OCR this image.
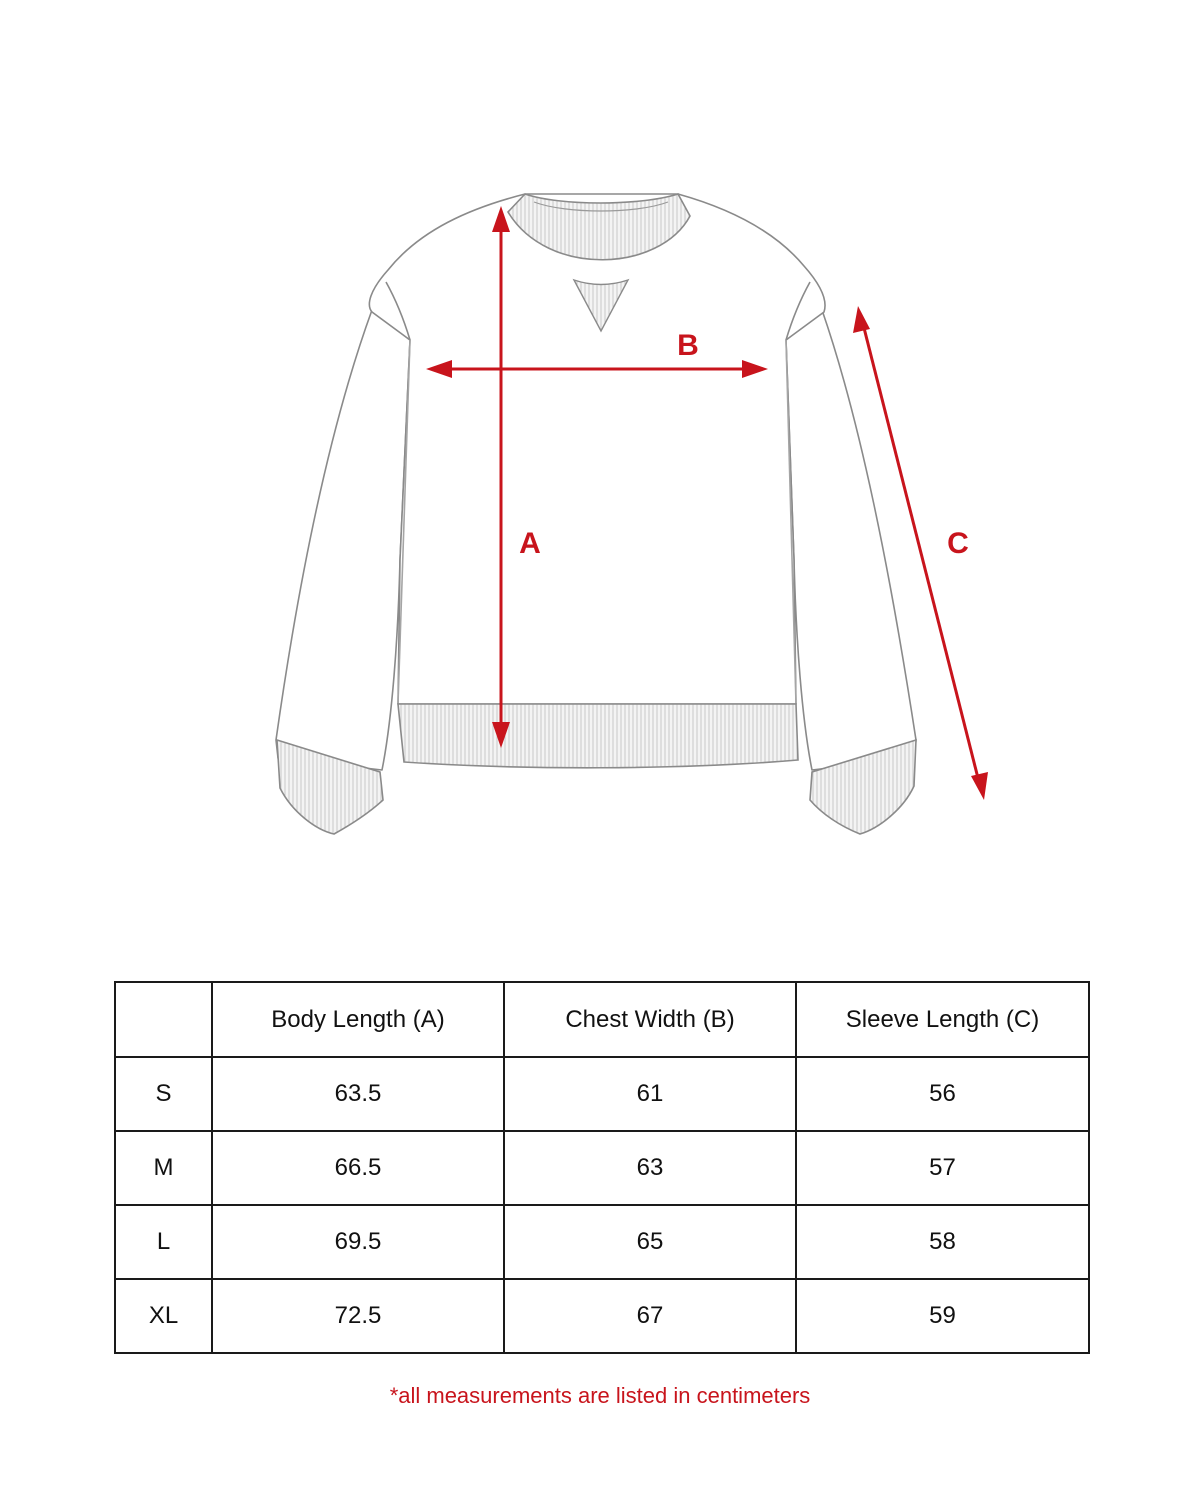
B
A	C
	Body Length (A)	Chest Width (B)	Sleeve Length (C)
S	63.5	61	56
M	66.5	63	57
L	69.5	65	58
XL	72.5	67	59
*all measurements are listed in centimeters
